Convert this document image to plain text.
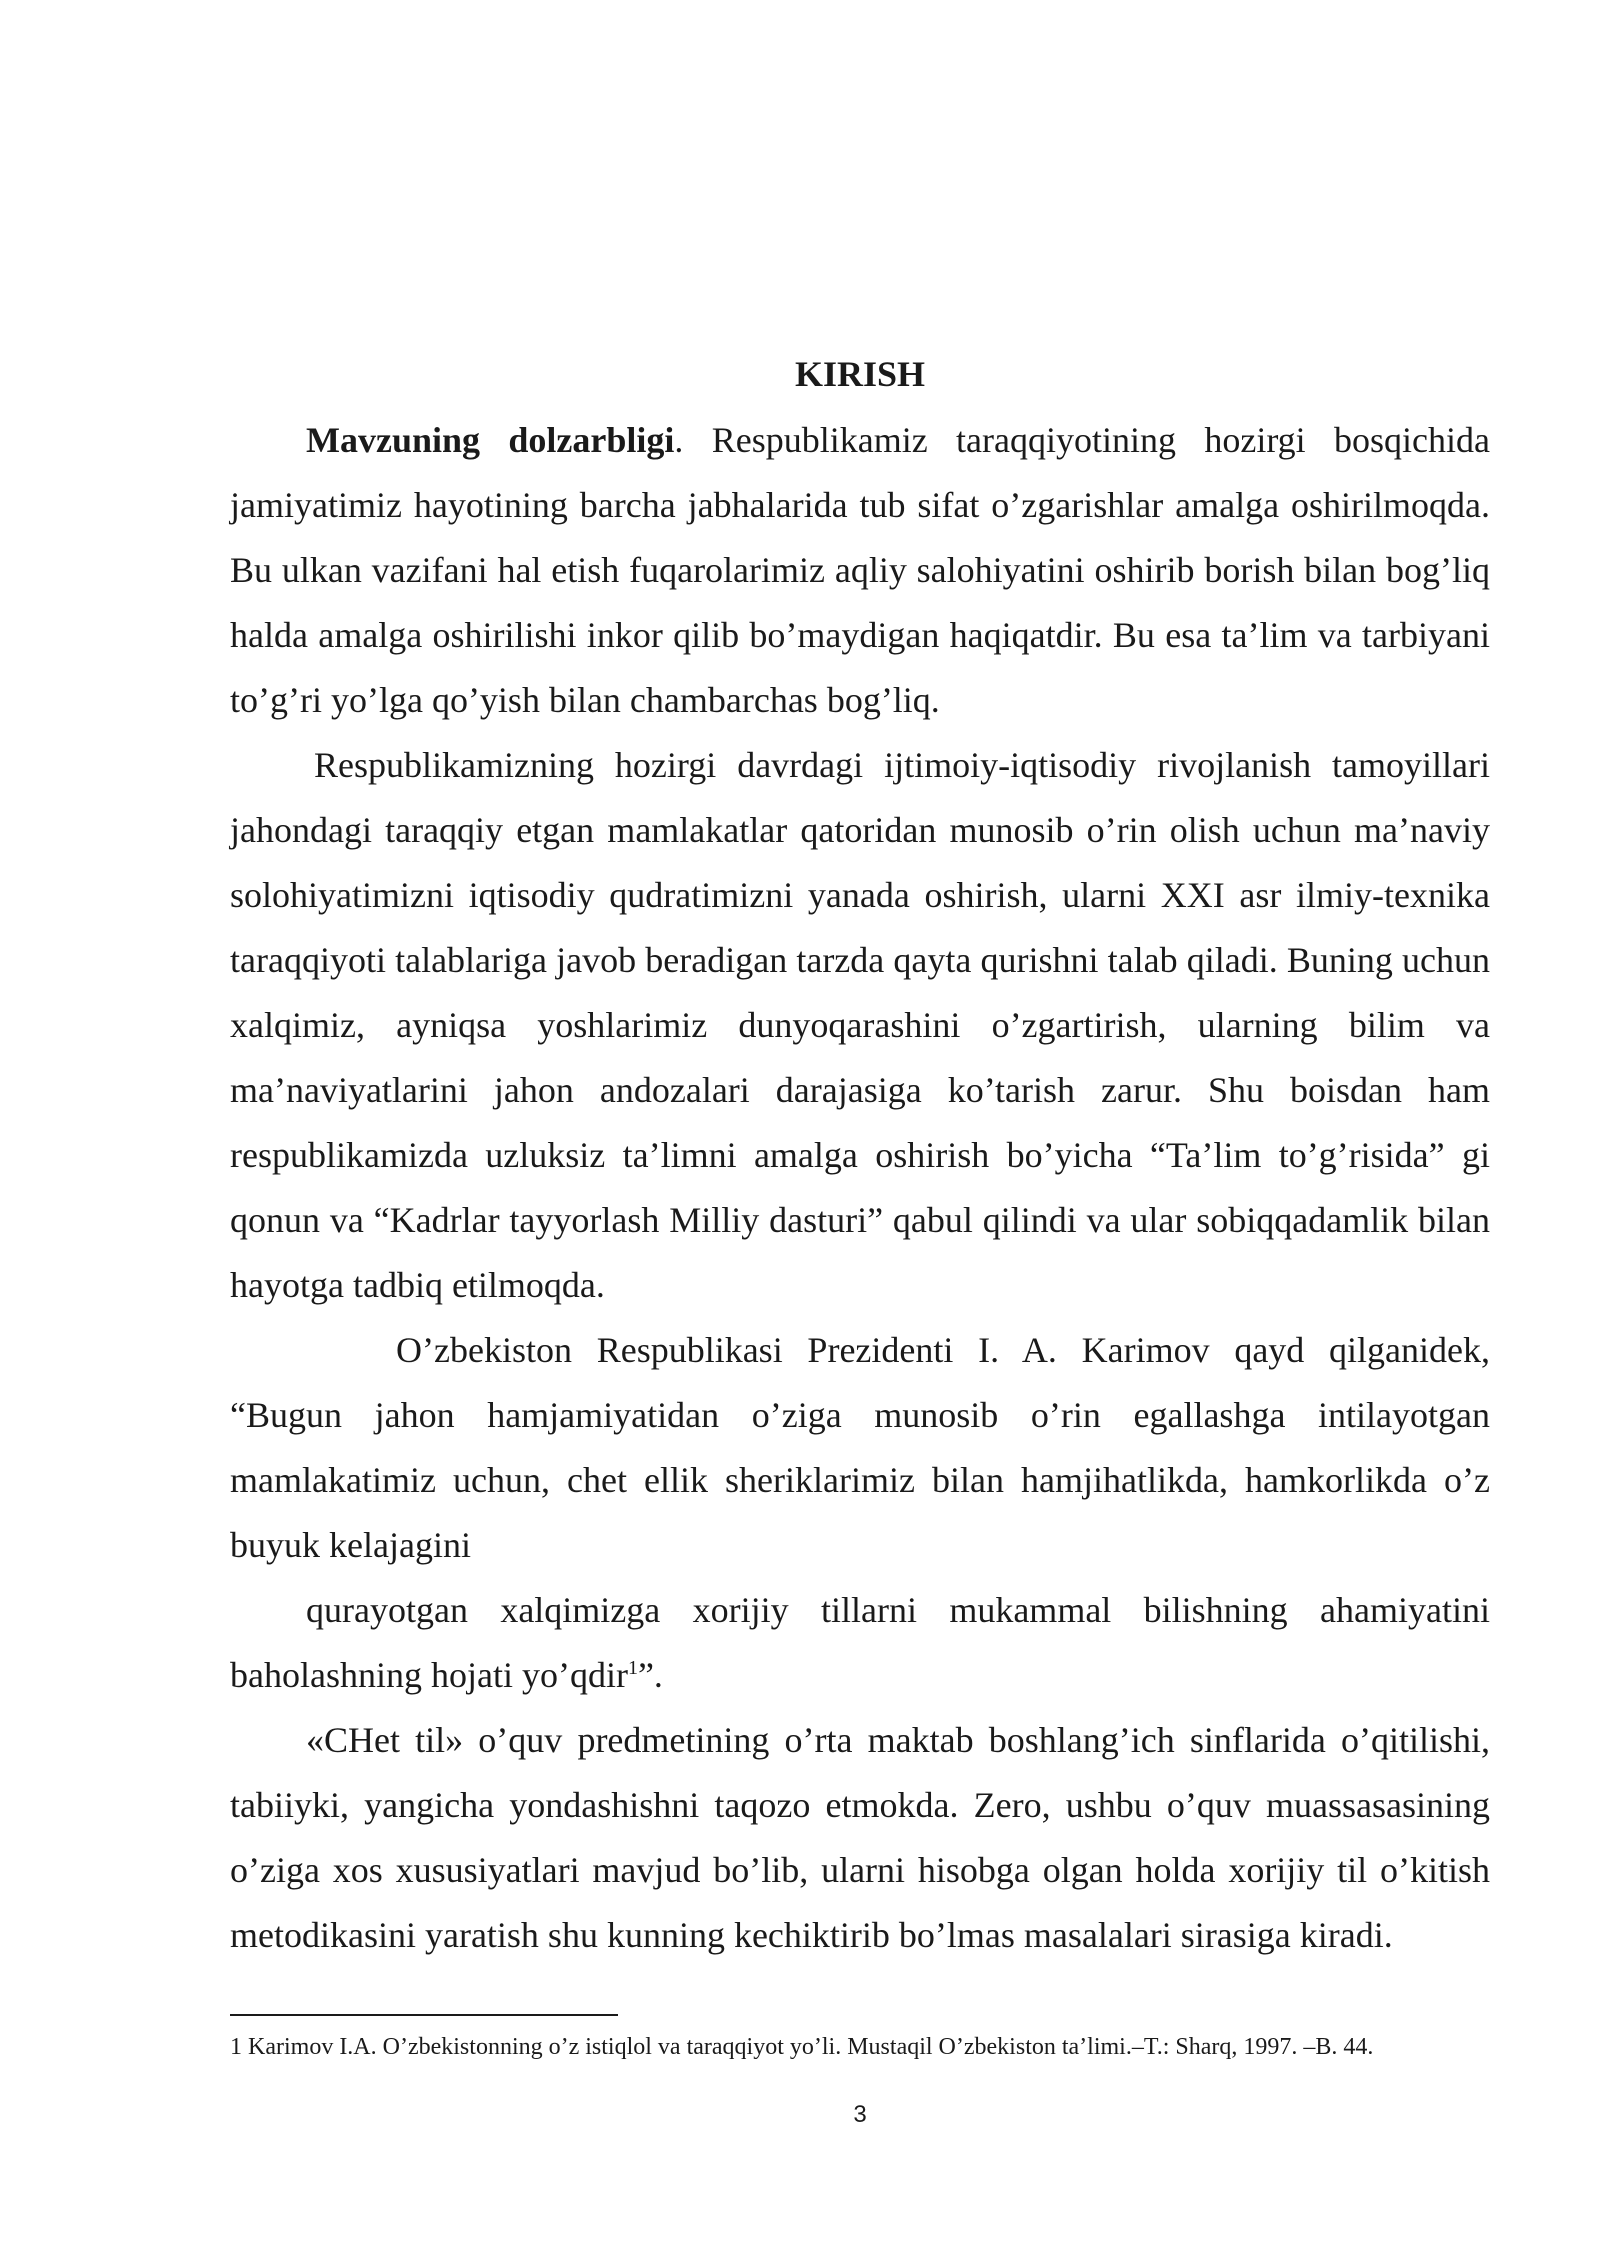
KIRISH

Mavzuning dolzarbligi. Respublikamiz taraqqiyotining hozirgi bosqichida jamiyatimiz hayotining barcha jabhalarida tub sifat o’zgarishlar amalga oshirilmoqda. Bu ulkan vazifani hal etish fuqarolarimiz aqliy salohiyatini oshirib borish bilan bog’liq halda amalga oshirilishi inkor qilib bo’maydigan haqiqatdir. Bu esa ta’lim va tarbiyani to’g’ri yo’lga qo’yish bilan chambarchas bog’liq.

Respublikamizning hozirgi davrdagi ijtimoiy-iqtisodiy rivojlanish tamoyillari jahondagi taraqqiy etgan mamlakatlar qatoridan munosib o’rin olish uchun ma’naviy solohiyatimizni iqtisodiy qudratimizni yanada oshirish, ularni XXI asr ilmiy-texnika taraqqiyoti talablariga javob beradigan tarzda qayta qurishni talab qiladi. Buning uchun xalqimiz, ayniqsa yoshlarimiz dunyoqarashini o’zgartirish, ularning bilim va ma’naviyatlarini jahon andozalari darajasiga ko’tarish zarur. Shu boisdan ham respublikamizda uzluksiz ta’limni amalga oshirish bo’yicha “Ta’lim to’g’risida” gi qonun va “Kadrlar tayyorlash Milliy dasturi” qabul qilindi va ular sobiqqadamlik bilan hayotga tadbiq etilmoqda.

O’zbekiston Respublikasi Prezidenti I. A. Karimov qayd qilganidek, “Bugun jahon hamjamiyatidan o’ziga munosib o’rin egallashga intilayotgan mamlakatimiz uchun, chet ellik sheriklarimiz bilan hamjihatlikda, hamkorlikda o’z buyuk kelajagini

qurayotgan xalqimizga xorijiy tillarni mukammal bilishning ahamiyatini baholashning hojati yo’qdir$^1$”.

«CHet til» o’quv predmetining o’rta maktab boshlang’ich sinflarida o’qitilishi, tabiiyki, yangicha yondashishni taqozo etmokda. Zero, ushbu o’quv muassasasining o’ziga xos xususiyatlari mavjud bo’lib, ularni hisobga olgan holda xorijiy til o’kitish metodikasini yaratish shu kunning kechiktirib bo’lmas masalalari sirasiga kiradi.

1 Karimov I.A. O’zbekistonning o’z istiqlol va taraqqiyot yo’li. Mustaqil O’zbekiston ta’limi.–T.: Sharq, 1997. –B. 44.
3
